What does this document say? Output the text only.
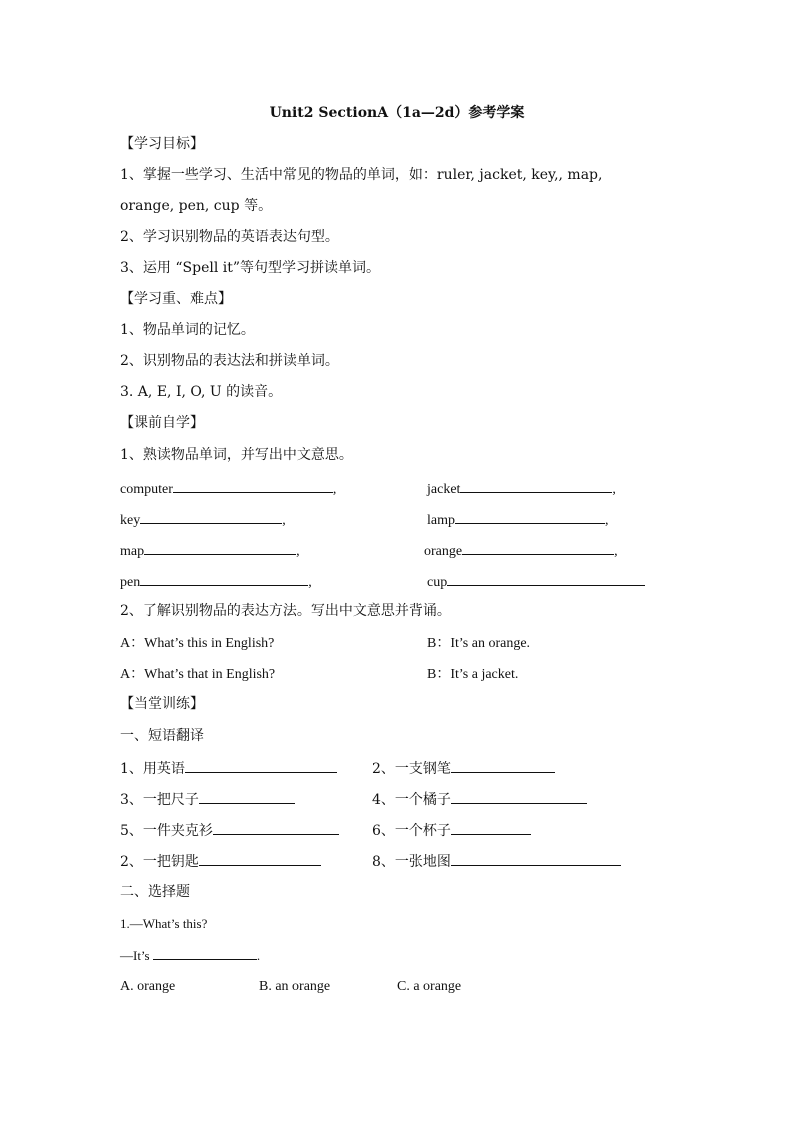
Unit2 SectionA（1a—2d）参考学案
【学习目标】
1、掌握一些学习、生活中常见的物品的单词，如：ruler, jacket, key,, map,
orange, pen, cup 等。
2、学习识别物品的英语表达句型。
3、运用 “Spell it”等句型学习拼读单词。
【学习重、难点】
1、物品单词的记忆。
2、识别物品的表达法和拼读单词。
3. A, E, I, O, U 的读音。
【课前自学】
1、熟读物品单词，并写出中文意思。
computer	,	jacket	,
key	,	lamp	,
map	,	orange	,
pen	,	cup
2、了解识别物品的表达方法。写出中文意思并背诵。
A：What’s this in English?	B：It’s an orange.
A：What’s that in English?	B：It’s a jacket.
【当堂训练】
一、短语翻译
1、用英语	2、一支钢笔
3、一把尺子	4、一个橘子
5、一件夹克衫	6、一个杯子
2、一把钥匙	8、一张地图
二、选择题
1.—What’s this?
—It’s	.
A. orange	B. an orange	C. a orange
